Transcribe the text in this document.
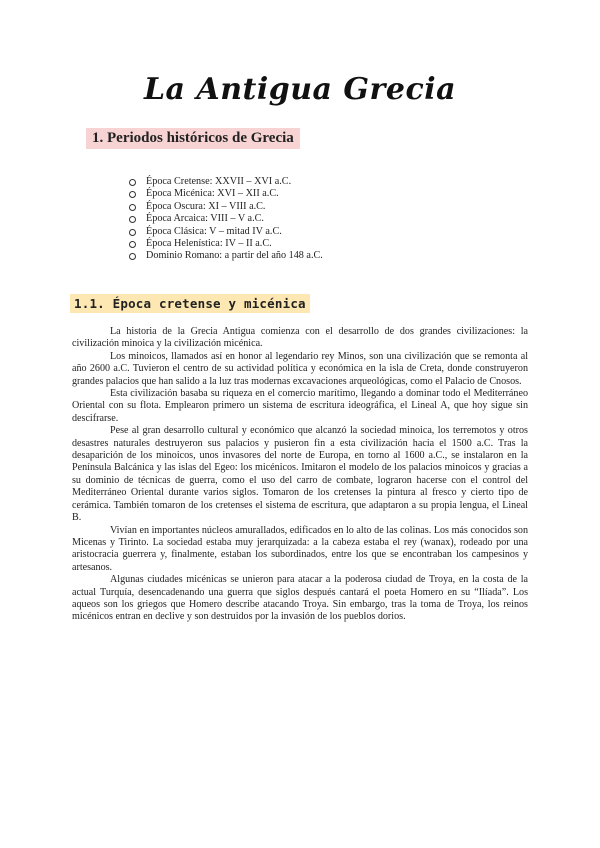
La Antigua Grecia
1. Periodos históricos de Grecia
Época Cretense: XXVII – XVI a.C.
Época Micénica: XVI – XII a.C.
Época Oscura: XI – VIII a.C.
Época Arcaica: VIII – V a.C.
Época Clásica: V – mitad IV a.C.
Época Helenística: IV – II a.C.
Dominio Romano: a partir del año 148 a.C.
1.1. Época cretense y micénica

La historia de la Grecia Antigua comienza con el desarrollo de dos grandes civilizaciones: la civilización minoica y la civilización micénica.

Los minoicos, llamados así en honor al legendario rey Minos, son una civilización que se remonta al año 2600 a.C. Tuvieron el centro de su actividad política y económica en la isla de Creta, donde construyeron grandes palacios que han salido a la luz tras modernas excavaciones arqueológicas, como el Palacio de Cnosos.

Esta civilización basaba su riqueza en el comercio marítimo, llegando a dominar todo el Mediterráneo Oriental con su flota. Emplearon primero un sistema de escritura ideográfica, el Lineal A, que hoy sigue sin descifrarse.

Pese al gran desarrollo cultural y económico que alcanzó la sociedad minoica, los terremotos y otros desastres naturales destruyeron sus palacios y pusieron fin a esta civilización hacia el 1500 a.C. Tras la desaparición de los minoicos, unos invasores del norte de Europa, en torno al 1600 a.C., se instalaron en la Península Balcánica y las islas del Egeo: los micénicos. Imitaron el modelo de los palacios minoicos y gracias a su dominio de técnicas de guerra, como el uso del carro de combate, lograron hacerse con el control del Mediterráneo Oriental durante varios siglos. Tomaron de los cretenses la pintura al fresco y cierto tipo de cerámica. También tomaron de los cretenses el sistema de escritura, que adaptaron a su propia lengua, el Lineal B.

Vivían en importantes núcleos amurallados, edificados en lo alto de las colinas. Los más conocidos son Micenas y Tirinto. La sociedad estaba muy jerarquizada: a la cabeza estaba el rey (wanax), rodeado por una aristocracia guerrera y, finalmente, estaban los subordinados, entre los que se encontraban los campesinos y artesanos.

Algunas ciudades micénicas se unieron para atacar a la poderosa ciudad de Troya, en la costa de la actual Turquía, desencadenando una guerra que siglos después cantará el poeta Homero en su “Ilíada”. Los aqueos son los griegos que Homero describe atacando Troya. Sin embargo, tras la toma de Troya, los reinos micénicos entran en declive y son destruidos por la invasión de los pueblos dorios.
